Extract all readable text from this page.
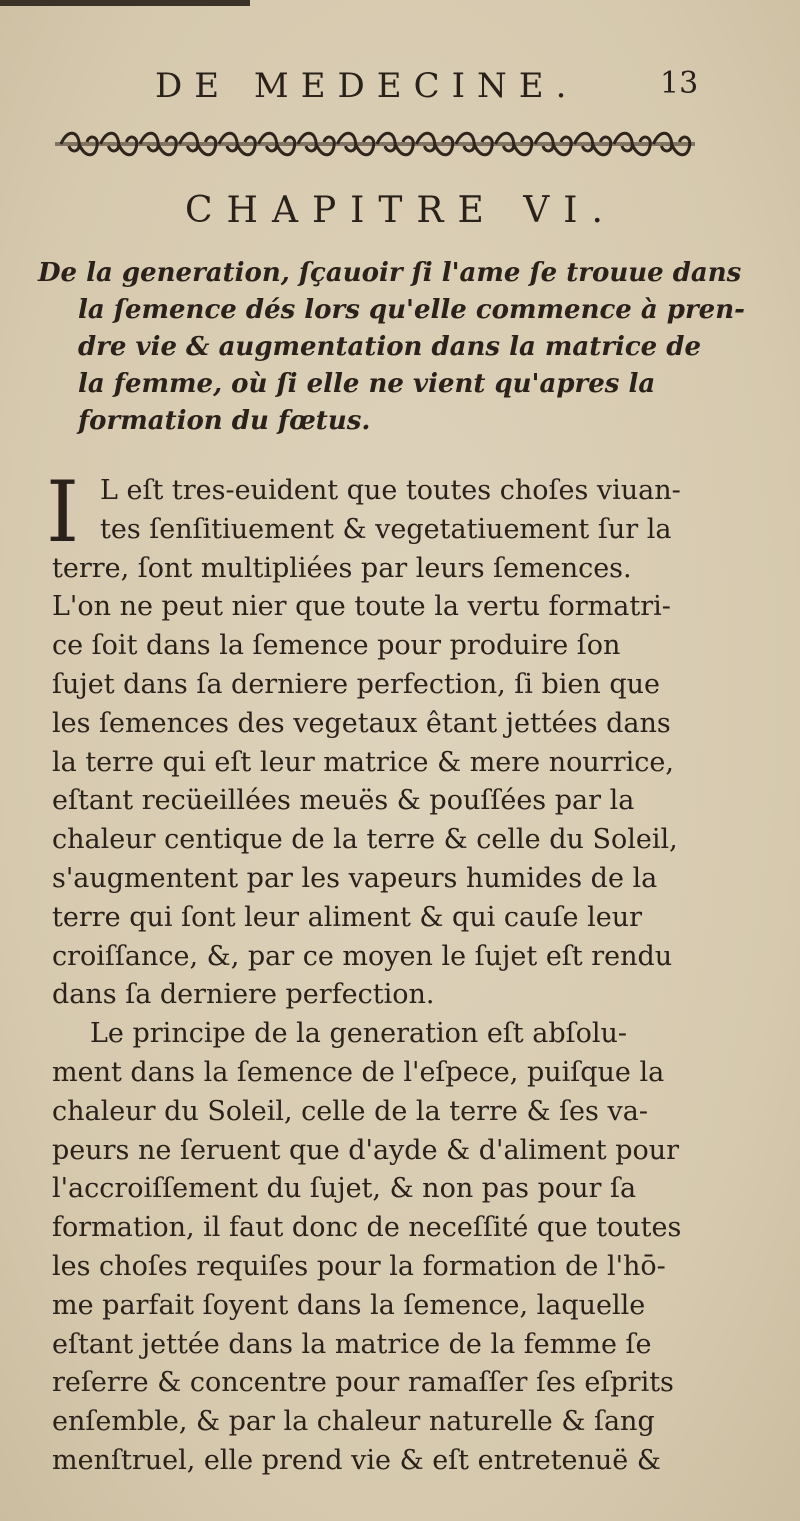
DE MEDECINE.	13
CHAPITRE VI.
De la generation, ſçauoir ſi l'ame ſe trouue dans
la ſemence dés lors qu'elle commence à pren-
dre vie & augmentation dans la matrice de
la femme, où ſi elle ne vient qu'apres la
formation du fœtus.
I L eſt tres-euident que toutes choſes viuan-
tes ſenſitiuement & vegetatiuement ſur la
terre, ſont multipliées par leurs ſemences.
L'on ne peut nier que toute la vertu formatri-
ce ſoit dans la ſemence pour produire ſon
ſujet dans ſa derniere perfection, ſi bien que
les ſemences des vegetaux êtant jettées dans
la terre qui eſt leur matrice & mere nourrice,
eſtant recüeillées meuës & pouſſées par la
chaleur centique de la terre & celle du Soleil,
s'augmentent par les vapeurs humides de la
terre qui ſont leur aliment & qui cauſe leur
croiſſance, &, par ce moyen le ſujet eſt rendu
dans ſa derniere perfection.
Le principe de la generation eſt abſolu-
ment dans la ſemence de l'eſpece, puiſque la
chaleur du Soleil, celle de la terre & ſes va-
peurs ne ſeruent que d'ayde & d'aliment pour
l'accroiſſement du ſujet, & non pas pour ſa
formation, il faut donc de neceſſité que toutes
les choſes requiſes pour la formation de l'hō-
me parfait ſoyent dans la ſemence, laquelle
eſtant jettée dans la matrice de la femme ſe
reſerre & concentre pour ramaſſer ſes eſprits
enſemble, & par la chaleur naturelle & ſang
menſtruel, elle prend vie & eſt entretenuë &
